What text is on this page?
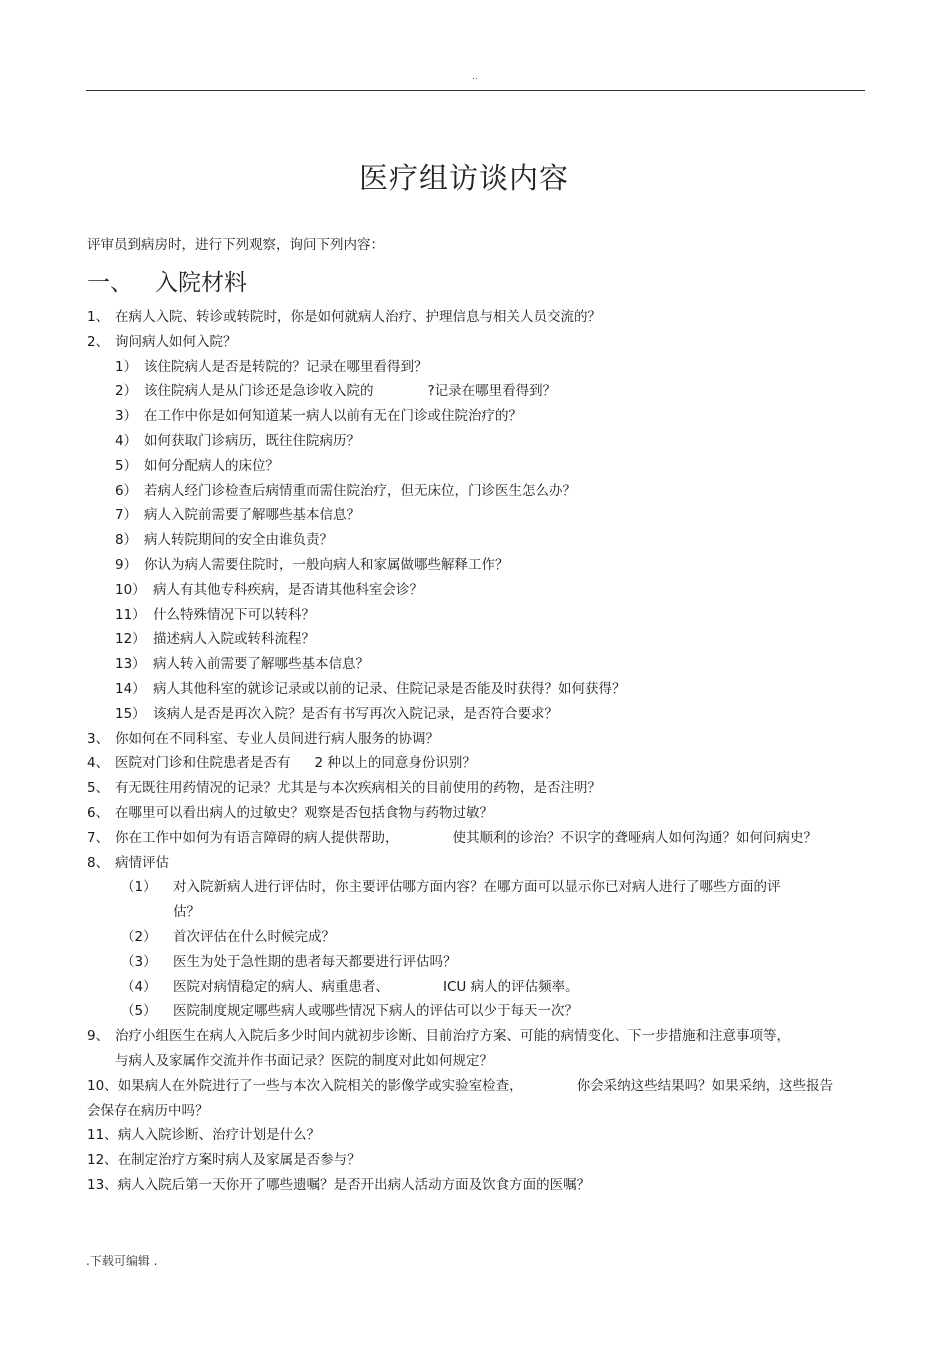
..
医疗组访谈内容
评审员到病房时，进行下列观察，询问下列内容：
一、 入院材料
1、 在病人入院、转诊或转院时，你是如何就病人治疗、护理信息与相关人员交流的？
2、 询问病人如何入院？
1） 该住院病人是否是转院的？记录在哪里看得到？
2） 该住院病人是从门诊还是急诊收入院的	?记录在哪里看得到？
3） 在工作中你是如何知道某一病人以前有无在门诊或住院治疗的？
4） 如何获取门诊病历，既往住院病历？
5） 如何分配病人的床位？
6） 若病人经门诊检查后病情重而需住院治疗，但无床位，门诊医生怎么办？
7） 病人入院前需要了解哪些基本信息？
8） 病人转院期间的安全由谁负责？
9） 你认为病人需要住院时，一般向病人和家属做哪些解释工作？
10） 病人有其他专科疾病，是否请其他科室会诊？
11） 什么特殊情况下可以转科？
12） 描述病人入院或转科流程？
13） 病人转入前需要了解哪些基本信息？
14） 病人其他科室的就诊记录或以前的记录、住院记录是否能及时获得？如何获得？
15） 该病人是否是再次入院？是否有书写再次入院记录，是否符合要求？
3、 你如何在不同科室、专业人员间进行病人服务的协调？
4、 医院对门诊和住院患者是否有 2 种以上的同意身份识别？
5、 有无既往用药情况的记录？尤其是与本次疾病相关的目前使用的药物，是否注明？
6、 在哪里可以看出病人的过敏史？观察是否包括食物与药物过敏？
7、 你在工作中如何为有语言障碍的病人提供帮助，	使其顺利的诊治？不识字的聋哑病人如何沟通？如何问病史？
8、 病情评估
（1）	对入院新病人进行评估时，你主要评估哪方面内容？在哪方面可以显示你已对病人进行了哪些方面的评估？
（2）	首次评估在什么时候完成？
（3）	医生为处于急性期的患者每天都要进行评估吗？
（4）	医院对病情稳定的病人、病重患者、	ICU 病人的评估频率。
（5）	医院制度规定哪些病人或哪些情况下病人的评估可以少于每天一次？
9、 治疗小组医生在病人入院后多少时间内就初步诊断、目前治疗方案、可能的病情变化、下一步措施和注意事项等，与病人及家属作交流并作书面记录？医院的制度对此如何规定？
10、如果病人在外院进行了一些与本次入院相关的影像学或实验室检查，	你会采纳这些结果吗？如果采纳，这些报告会保存在病历中吗？
11、病人入院诊断、治疗计划是什么？
12、在制定治疗方案时病人及家属是否参与？
13、病人入院后第一天你开了哪些遗嘱？是否开出病人活动方面及饮食方面的医嘱？
.下载可编辑 .
